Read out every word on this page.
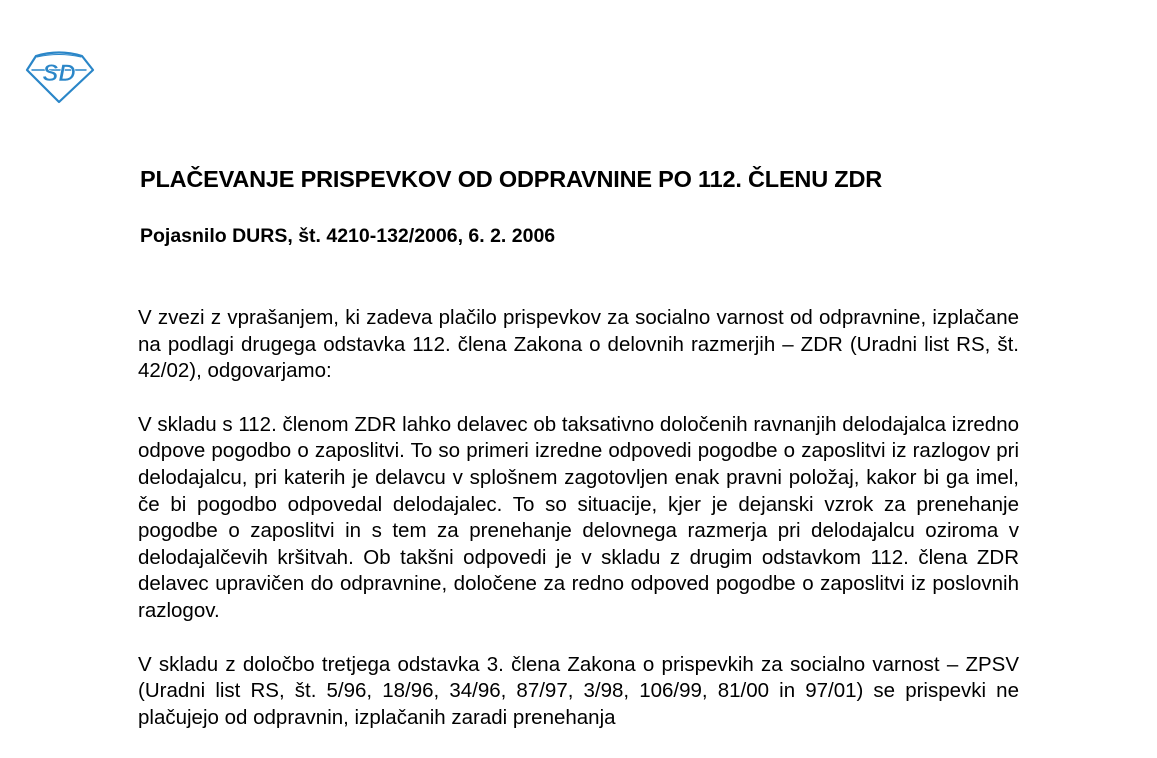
SD
PLAČEVANJE PRISPEVKOV OD ODPRAVNINE PO 112. ČLENU ZDR
Pojasnilo DURS, št. 4210-132/2006, 6. 2. 2006

V zvezi z vprašanjem, ki zadeva plačilo prispevkov za socialno varnost od odpravnine, izplačane na podlagi drugega odstavka 112. člena Zakona o delovnih razmerjih – ZDR (Uradni list RS, št. 42/02), odgovarjamo:

V skladu s 112. členom ZDR lahko delavec ob taksativno določenih ravnanjih delodajalca izredno odpove pogodbo o zaposlitvi. To so primeri izredne odpovedi pogodbe o zaposlitvi iz razlogov pri delodajalcu, pri katerih je delavcu v splošnem zagotovljen enak pravni položaj, kakor bi ga imel, če bi pogodbo odpovedal delodajalec. To so situacije, kjer je dejanski vzrok za prenehanje pogodbe o zaposlitvi in s tem za prenehanje delovnega razmerja pri delodajalcu oziroma v delodajalčevih kršitvah. Ob takšni odpovedi je v skladu z drugim odstavkom 112. člena ZDR delavec upravičen do odpravnine, določene za redno odpoved pogodbe o zaposlitvi iz poslovnih razlogov.

V skladu z določbo tretjega odstavka 3. člena Zakona o prispevkih za socialno varnost – ZPSV (Uradni list RS, št. 5/96, 18/96, 34/96, 87/97, 3/98, 106/99, 81/00 in 97/01) se prispevki ne plačujejo od odpravnin, izplačanih zaradi prenehanja
